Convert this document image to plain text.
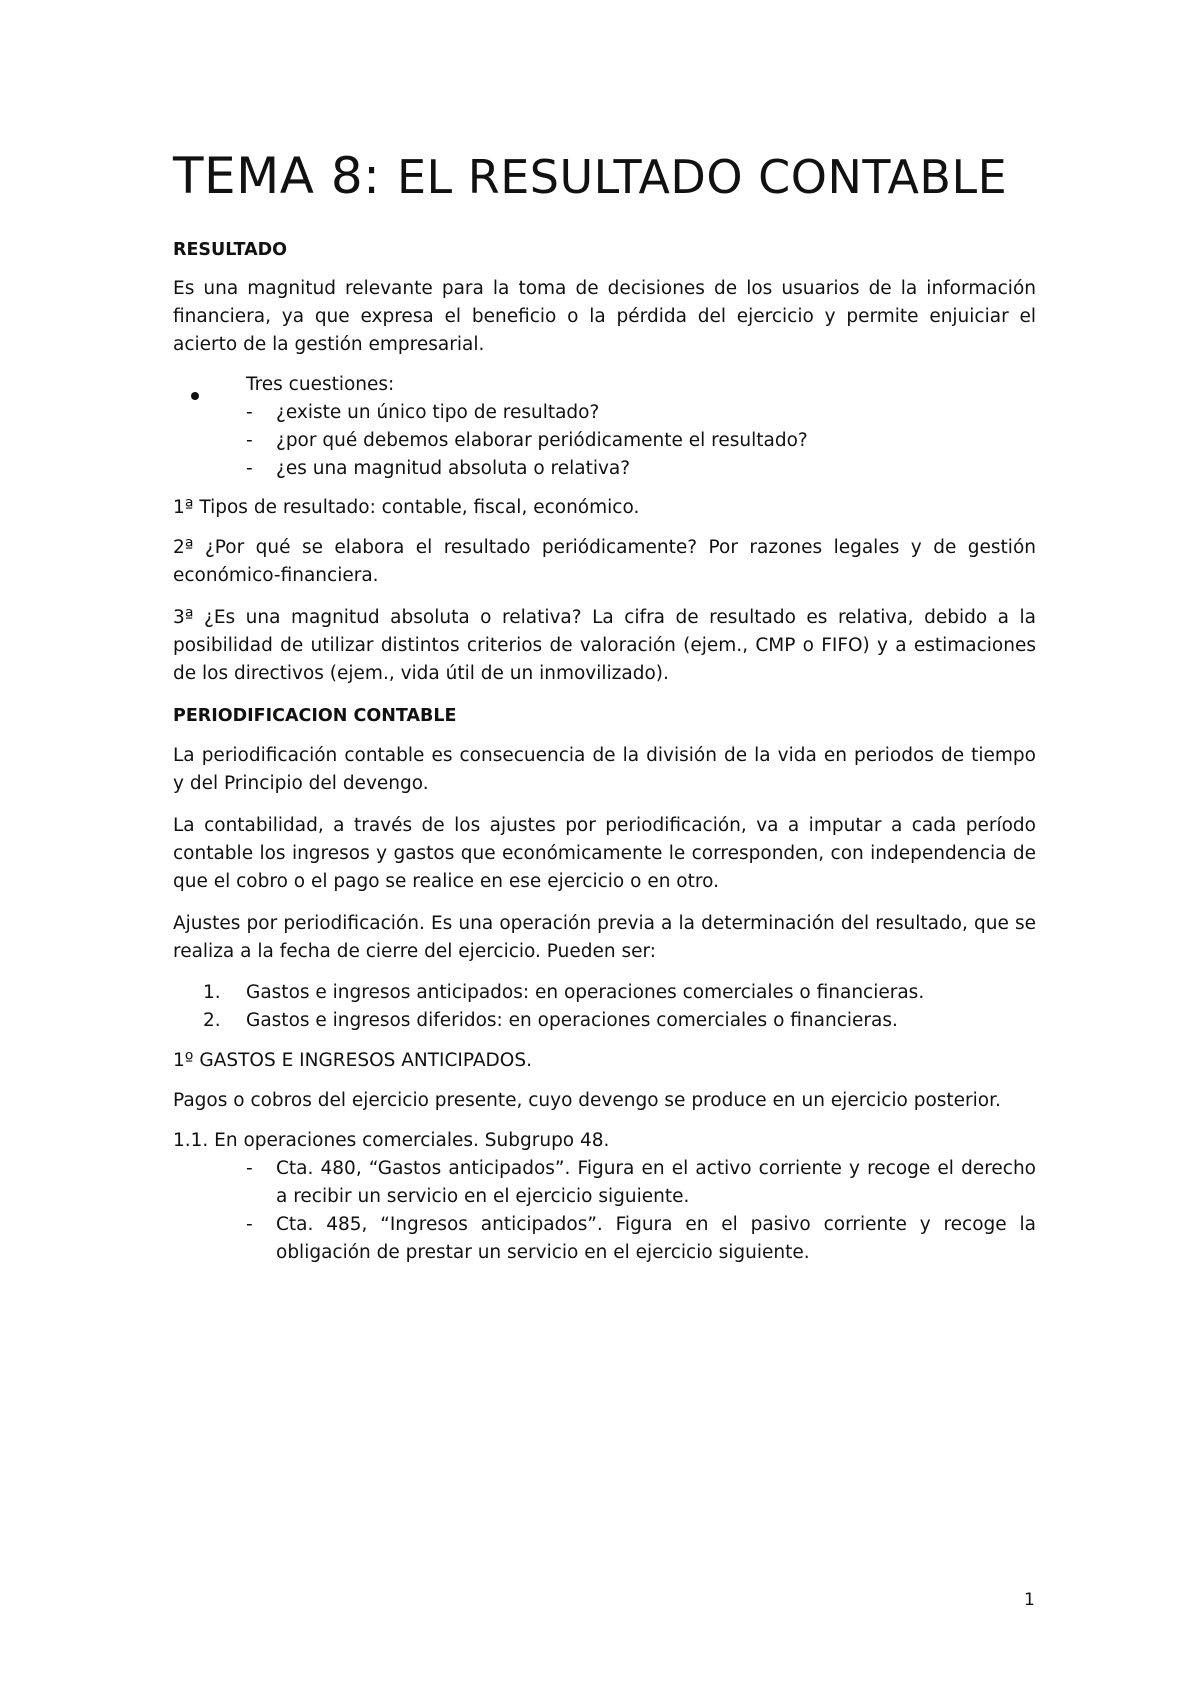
TEMA 8: EL RESULTADO CONTABLE
RESULTADO
Es una magnitud relevante para la toma de decisiones de los usuarios de la información financiera, ya que expresa el beneficio o la pérdida del ejercicio y permite enjuiciar el acierto de la gestión empresarial.
Tres cuestiones:
- ¿existe un único tipo de resultado?
- ¿por qué debemos elaborar periódicamente el resultado?
- ¿es una magnitud absoluta o relativa?
1ª Tipos de resultado: contable, fiscal, económico.
2ª ¿Por qué se elabora el resultado periódicamente? Por razones legales y de gestión económico-financiera.
3ª ¿Es una magnitud absoluta o relativa? La cifra de resultado es relativa, debido a la posibilidad de utilizar distintos criterios de valoración (ejem., CMP o FIFO) y a estimaciones de los directivos (ejem., vida útil de un inmovilizado).
PERIODIFICACION CONTABLE
La periodificación contable es consecuencia de la división de la vida en periodos de tiempo y del Principio del devengo.
La contabilidad, a través de los ajustes por periodificación, va a imputar a cada período contable los ingresos y gastos que económicamente le corresponden, con independencia de que el cobro o el pago se realice en ese ejercicio o en otro.
Ajustes por periodificación. Es una operación previa a la determinación del resultado, que se realiza a la fecha de cierre del ejercicio. Pueden ser:
1. Gastos e ingresos anticipados: en operaciones comerciales o financieras.
2. Gastos e ingresos diferidos: en operaciones comerciales o financieras.
1º GASTOS E INGRESOS ANTICIPADOS.
Pagos o cobros del ejercicio presente, cuyo devengo se produce en un ejercicio posterior.
1.1. En operaciones comerciales. Subgrupo 48.
- Cta. 480, “Gastos anticipados”. Figura en el activo corriente y recoge el derecho a recibir un servicio en el ejercicio siguiente.
- Cta. 485, “Ingresos anticipados”. Figura en el pasivo corriente y recoge la obligación de prestar un servicio en el ejercicio siguiente.
1
